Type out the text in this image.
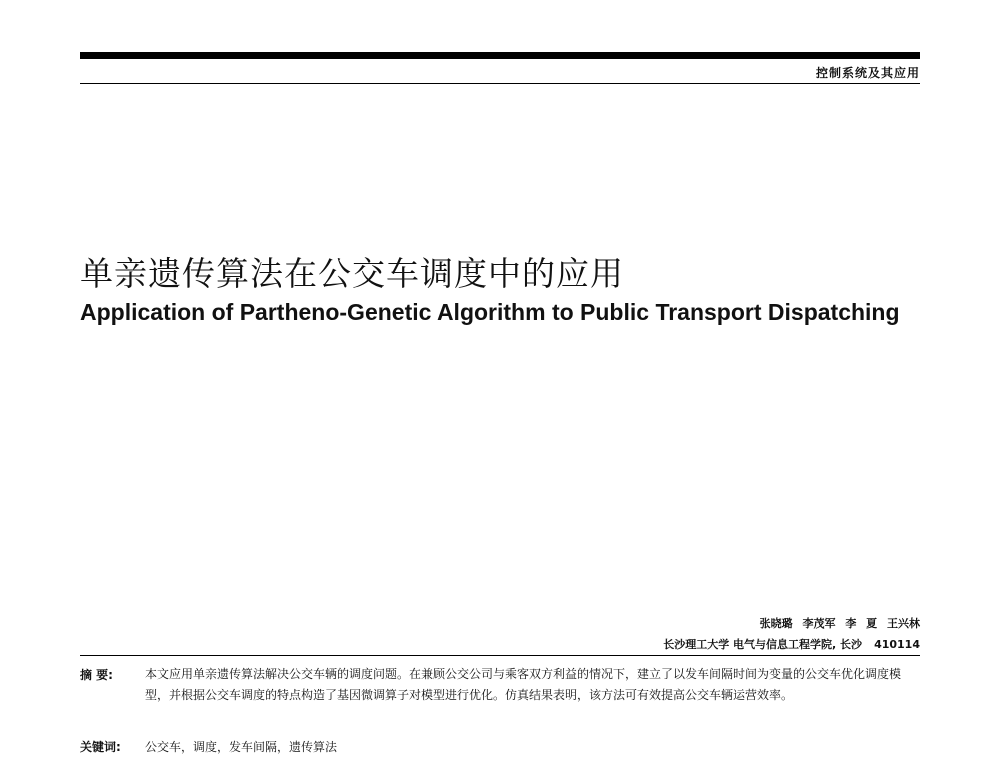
控制系统及其应用
单亲遗传算法在公交车调度中的应用
Application of Partheno-Genetic Algorithm to Public Transport Dispatching
张晓璐 李茂军 李 夏 王兴林
长沙理工大学 电气与信息工程学院, 长沙 410114
摘 要:	本文应用单亲遗传算法解决公交车辆的调度问题。在兼顾公交公司与乘客双方利益的情况下，建立了以发车间隔时间为变量的公交车优化调度模型，并根据公交车调度的特点构造了基因微调算子对模型进行优化。仿真结果表明，该方法可有效提高公交车辆运营效率。
关键词: 公交车，调度，发车间隔，遗传算法
